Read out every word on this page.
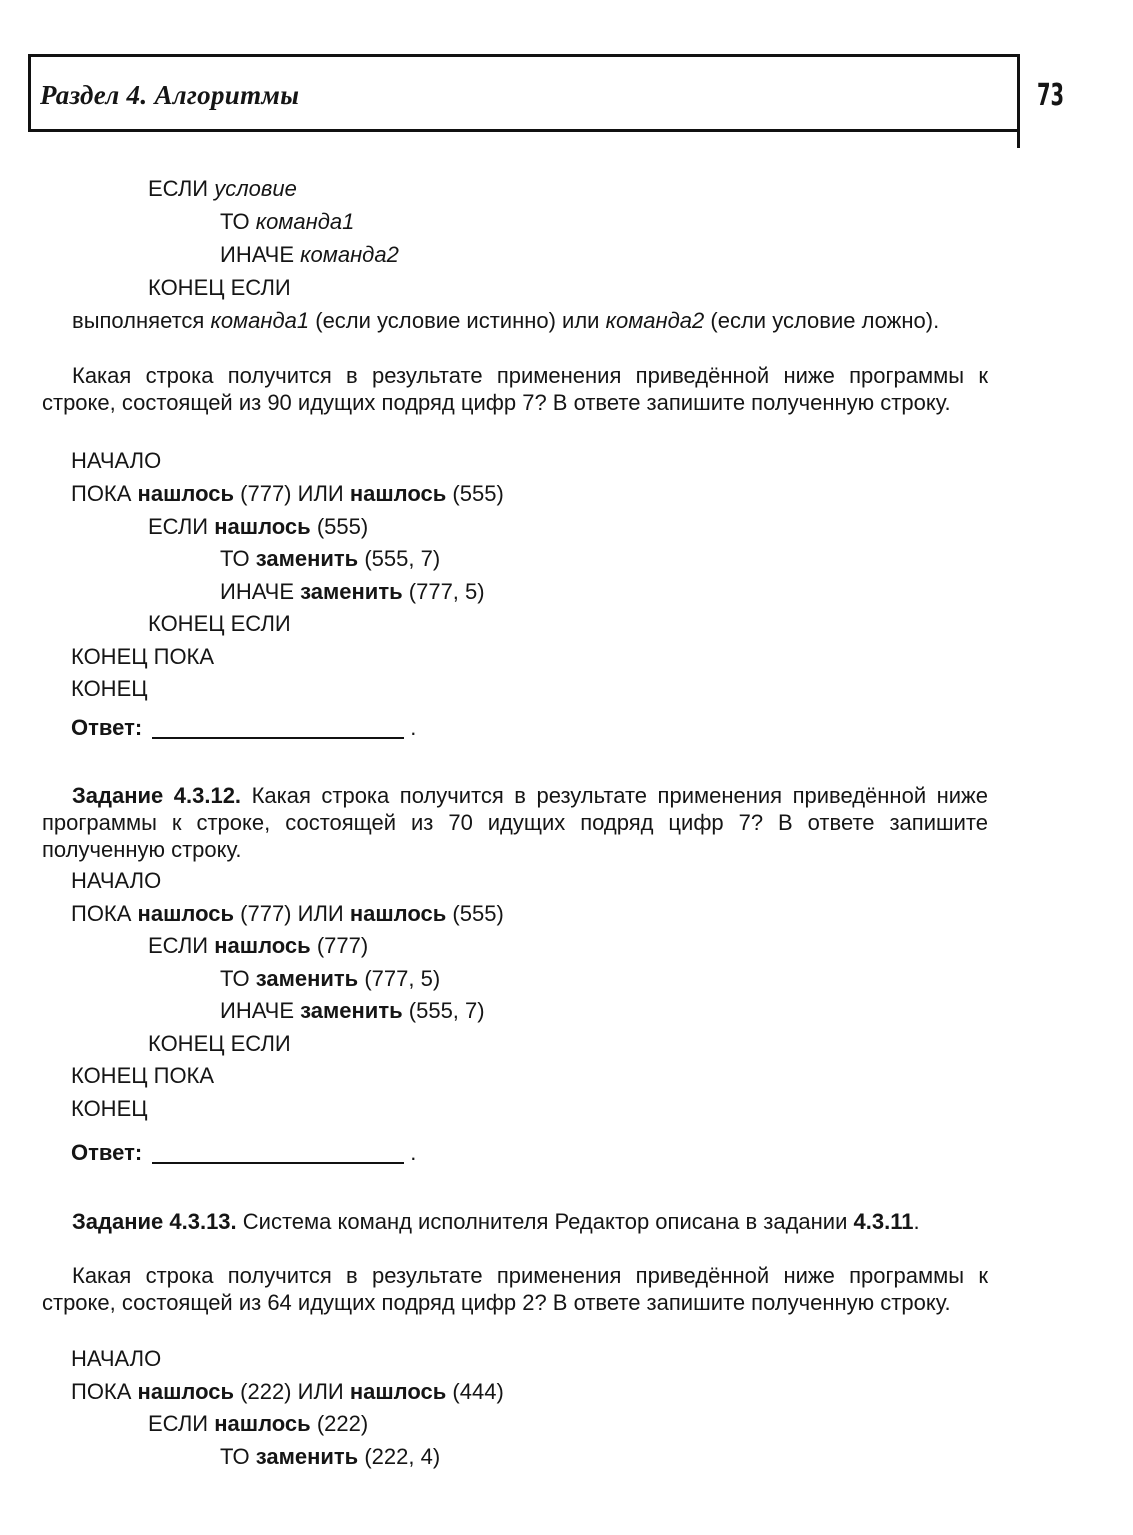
Раздел 4. Алгоритмы	73
ЕСЛИ условие
ТО команда1
ИНАЧЕ команда2
КОНЕЦ ЕСЛИ
выполняется команда1 (если условие истинно) или команда2 (если условие ложно).
Какая строка получится в результате применения приведённой ниже программы к строке, состоящей из 90 идущих подряд цифр 7? В ответе запишите полученную строку.
НАЧАЛО
ПОКА нашлось (777) ИЛИ нашлось (555)
ЕСЛИ нашлось (555)
ТО заменить (555, 7)
ИНАЧЕ заменить (777, 5)
КОНЕЦ ЕСЛИ
КОНЕЦ ПОКА
КОНЕЦ
Ответ:	.
Задание 4.3.12. Какая строка получится в результате применения приведённой ниже программы к строке, состоящей из 70 идущих подряд цифр 7? В ответе запишите полученную строку.
НАЧАЛО
ПОКА нашлось (777) ИЛИ нашлось (555)
ЕСЛИ нашлось (777)
ТО заменить (777, 5)
ИНАЧЕ заменить (555, 7)
КОНЕЦ ЕСЛИ
КОНЕЦ ПОКА
КОНЕЦ
Ответ:	.
Задание 4.3.13. Система команд исполнителя Редактор описана в задании 4.3.11.
Какая строка получится в результате применения приведённой ниже программы к строке, состоящей из 64 идущих подряд цифр 2? В ответе запишите полученную строку.
НАЧАЛО
ПОКА нашлось (222) ИЛИ нашлось (444)
ЕСЛИ нашлось (222)
ТО заменить (222, 4)
